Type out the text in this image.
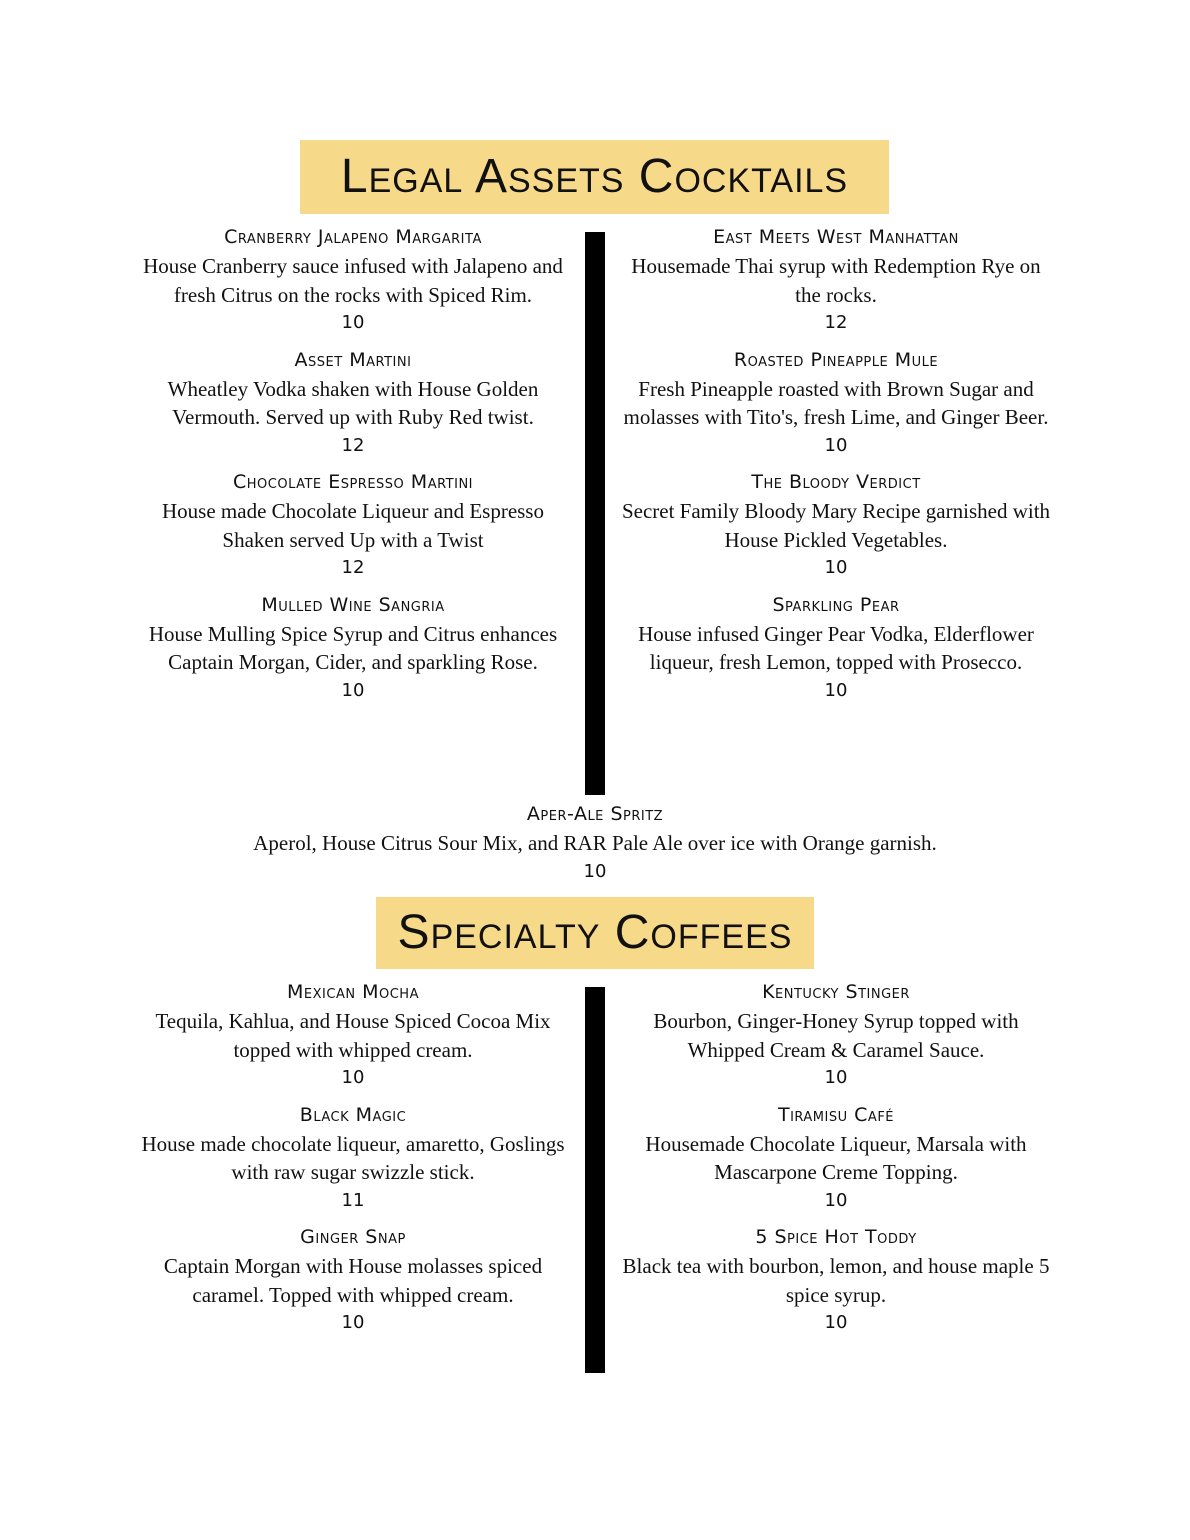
Legal Assets Cocktails
Cranberry Jalapeno Margarita
House Cranberry sauce infused with Jalapeno and fresh Citrus on the rocks with Spiced Rim.
10
Asset Martini
Wheatley Vodka shaken with House Golden Vermouth. Served up with Ruby Red twist.
12
Chocolate Espresso Martini
House made Chocolate Liqueur and Espresso Shaken served Up with a Twist
12
Mulled Wine Sangria
House Mulling Spice Syrup and Citrus enhances Captain Morgan, Cider, and sparkling Rose.
10
East Meets West Manhattan
Housemade Thai syrup with Redemption Rye on the rocks.
12
Roasted Pineapple Mule
Fresh Pineapple roasted with Brown Sugar and molasses with Tito's, fresh Lime, and Ginger Beer.
10
The Bloody Verdict
Secret Family Bloody Mary Recipe garnished with House Pickled Vegetables.
10
Sparkling Pear
House infused Ginger Pear Vodka, Elderflower liqueur, fresh Lemon, topped with Prosecco.
10
Aper-Ale Spritz
Aperol, House Citrus Sour Mix, and RAR Pale Ale over ice with Orange garnish.
10
Specialty Coffees
Mexican Mocha
Tequila, Kahlua, and House Spiced Cocoa Mix topped with whipped cream.
10
Black Magic
House made chocolate liqueur, amaretto, Goslings with raw sugar swizzle stick.
11
Ginger Snap
Captain Morgan with House molasses spiced caramel. Topped with whipped cream.
10
Kentucky Stinger
Bourbon, Ginger-Honey Syrup topped with Whipped Cream & Caramel Sauce.
10
Tiramisu Café
Housemade Chocolate Liqueur, Marsala with Mascarpone Creme Topping.
10
5 Spice Hot Toddy
Black tea with bourbon, lemon, and house maple 5 spice syrup.
10
